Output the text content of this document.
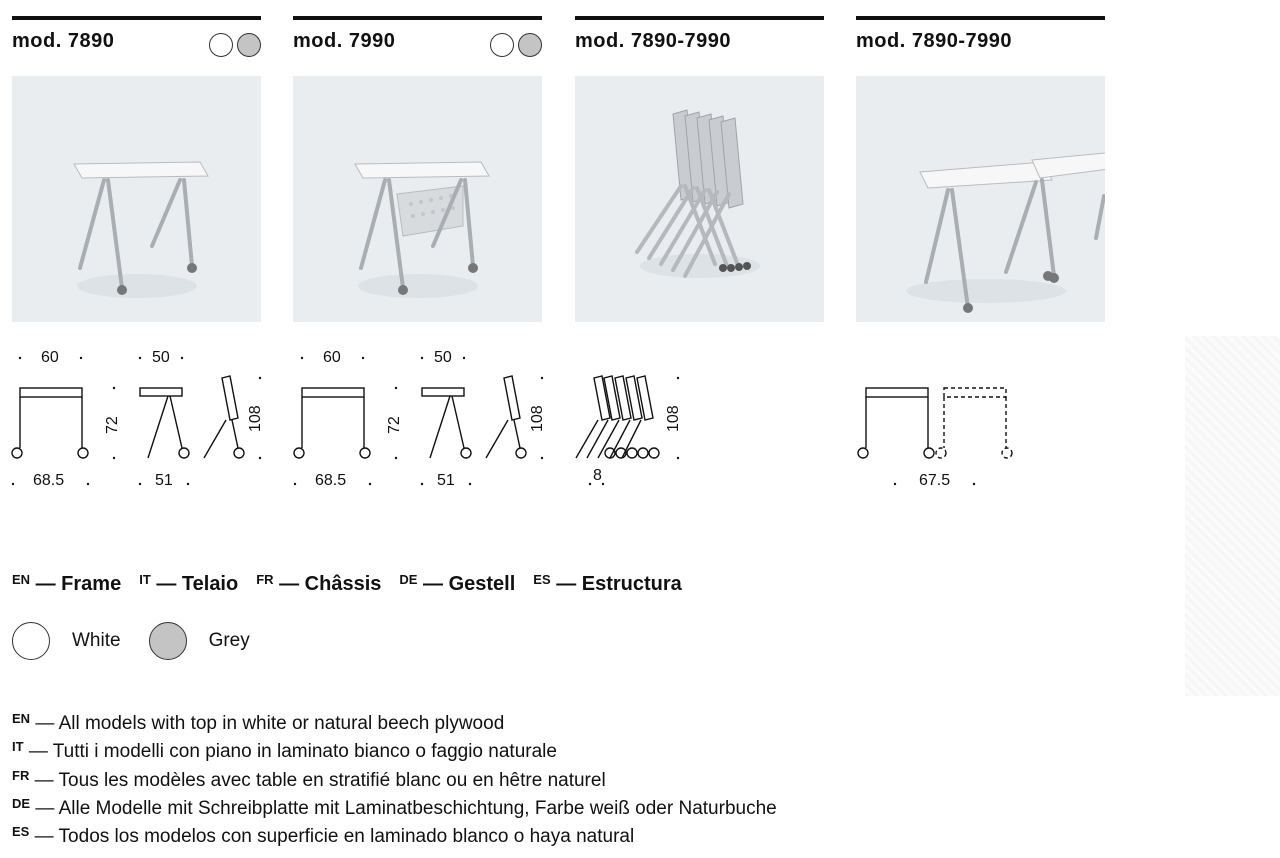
mod. 7890	mod. 7990	mod. 7890-7990	mod. 7890-7990
60	50
72	108
68.5	51
60	50
72	108
68.5	51
108
8	67.5
$^{EN}$ — Frame $^{IT}$ — Telaio $^{FR}$ — Châssis $^{DE}$ — Gestell $^{ES}$ — Estructura
White	Grey
$^{EN}$ — All models with top in white or natural beech plywood
$^{IT}$ — Tutti i modelli con piano in laminato bianco o faggio naturale
$^{FR}$ — Tous les modèles avec table en stratifié blanc ou en hêtre naturel
$^{DE}$ — Alle Modelle mit Schreibplatte mit Laminatbeschichtung, Farbe weiß oder Naturbuche
$^{ES}$ — Todos los modelos con superficie en laminado blanco o haya natural
